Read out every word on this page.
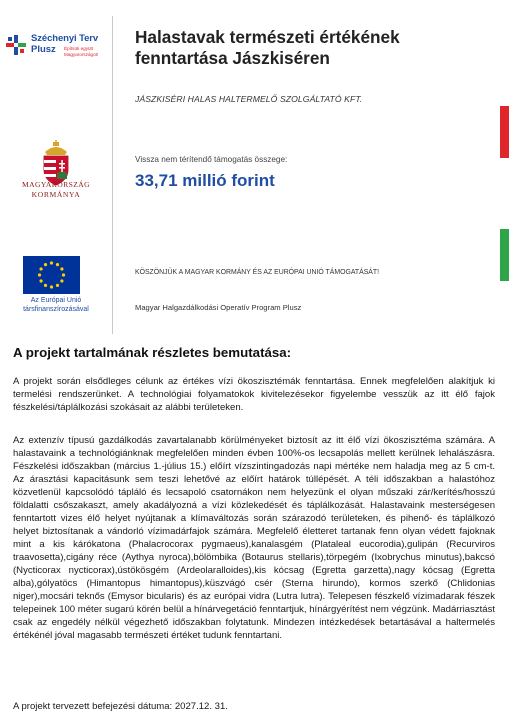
Széchenyi Terv
Plusz Építsük együtt
Magyarországot!
MAGYARORSZÁG
KORMÁNYA
Az Európai Unió
társfinanszírozásával
Halastavak természeti értékének fenntartása Jászkiséren
JÁSZKISÉRI HALAS HALTERMELŐ SZOLGÁLTATÓ KFT.
Vissza nem térítendő támogatás összege:
33,71 millió forint
KÖSZÖNJÜK A MAGYAR KORMÁNY ÉS AZ EURÓPAI UNIÓ TÁMOGATÁSÁT!
Magyar Halgazdálkodási Operatív Program Plusz
A projekt tartalmának részletes bemutatása:

A projekt során elsődleges célunk az értékes vízi ökoszisztémák fenntartása. Ennek megfelelően alakítjuk ki termelési rendszerünket. A technológiai folyamatokok kivitelezésekor figyelembe vesszük az itt élő fajok fészkelési/táplálkozási szokásait az alábbi területeken.

Az extenzív típusú gazdálkodás zavartalanabb körülményeket biztosít az itt élő vízi ökoszisztéma számára. A halastavaink a technológiánknak megfelelően minden évben 100%-os lecsapolás mellett kerülnek lehalászásra. Fészkelési időszakban (március 1.-július 15.) előírt vízszintingadozás napi mértéke nem haladja meg az 5 cm-t. Az árasztási kapacitásunk sem teszi lehetővé az előírt határok túllépését. A téli időszakban a halastóhoz közvetlenül kapcsolódó tápláló és lecsapoló csatornákon nem helyezünk el olyan műszaki zár/kerítés/hosszú földalatti csőszakaszt, amely akadályozná a vízi közlekedését és táplálkozását. Halastavaink mesterségesen fenntartott vizes élő helyet nyújtanak a klímaváltozás során szárazodó területeken, és pihenő- és táplálkozó helyet biztosítanak a vándorló vízimadárfajok számára. Megfelelő életteret tartanak fenn olyan védett fajoknak mint a kis kárókatona (Phalacrocorax pygmaeus),kanalasgém (Plataleal eucorodia),gulipán (Recurviros traavosetta),cigány réce (Aythya nyroca),bölömbika (Botaurus stellaris),törpegém (Ixobrychus minutus),bakcsó (Nycticorax nycticorax),ústökösgém (Ardeolaralloides),kis kócsag (Egretta garzetta),nagy kócsag (Egretta alba),gólyatöcs (Himantopus himantopus),küszvágó csér (Sterna hirundo), kormos szerkő (Chlidonias niger),mocsári teknős (Emysor bicularis) és az európai vidra (Lutra lutra). Telepesen fészkelő vízimadarak fészek telepeinek 100 méter sugarú körén belül a hínárvegetáció fenntartjuk, hínárgyérítést nem végzünk. Madárriasztást csak az engedély nélkül végezhető időszakban folytatunk. Mindezen intézkedések betartásával a haltermelés értékénél jóval magasabb természeti értéket tudunk fenntartani.

A projekt tervezett befejezési dátuma: 2027.12. 31.
